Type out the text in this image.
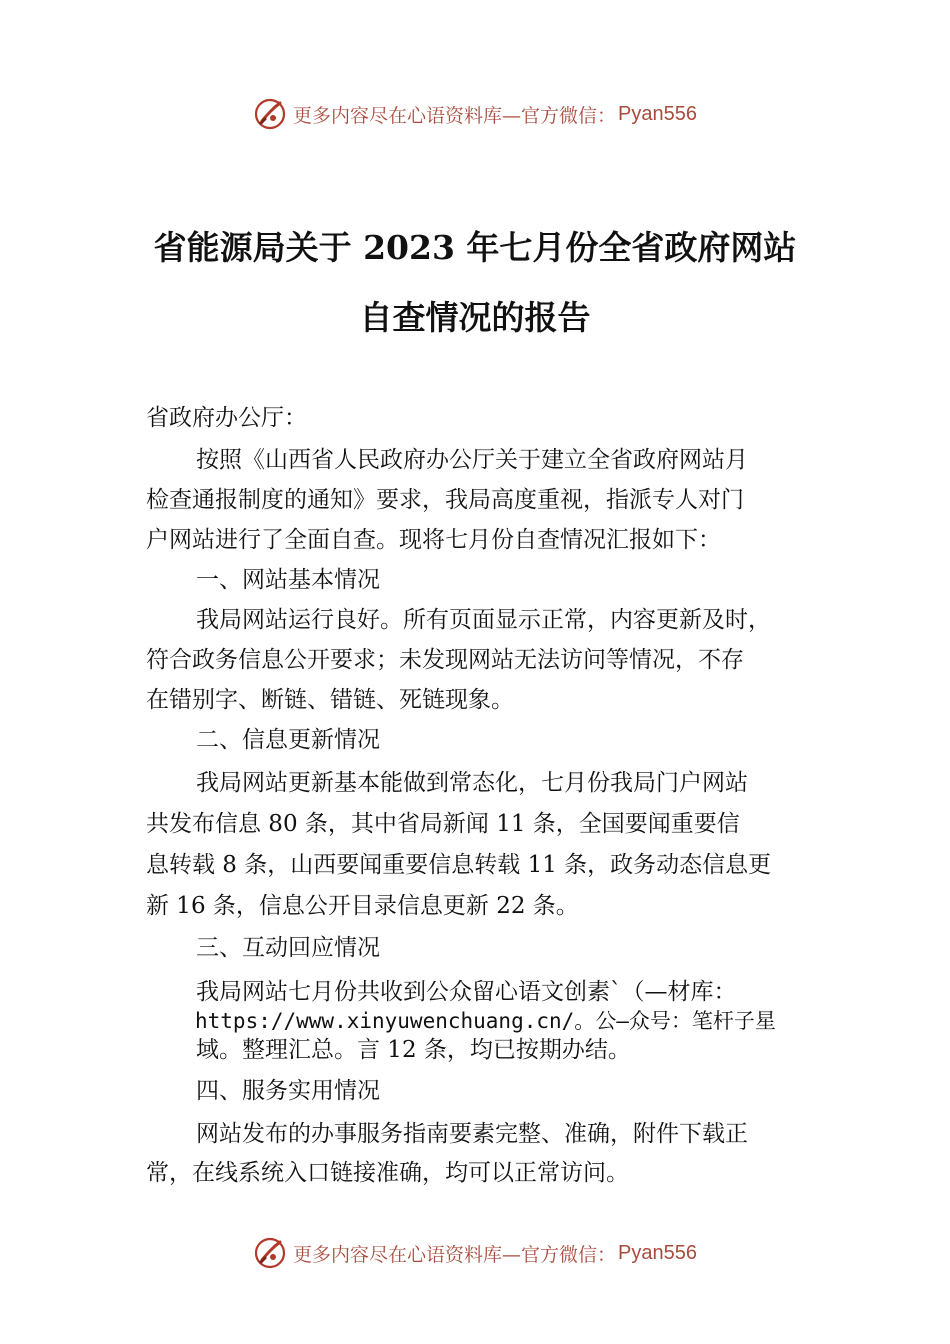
更多内容尽在心语资料库—官方微信： Pyan556
省能源局关于 2023 年七月份全省政府网站
自查情况的报告
省政府办公厅：
按照《山西省人民政府办公厅关于建立全省政府网站月
检查通报制度的通知》要求，我局高度重视，指派专人对门
户网站进行了全面自查。现将七月份自查情况汇报如下：
一、网站基本情况
我局网站运行良好。所有页面显示正常，内容更新及时，
符合政务信息公开要求；未发现网站无法访问等情况，不存
在错别字、断链、错链、死链现象。
二、信息更新情况
我局网站更新基本能做到常态化，七月份我局门户网站
共发布信息 80 条，其中省局新闻 11 条，全国要闻重要信
息转载 8 条，山西要闻重要信息转载 11 条，政务动态信息更
新 16 条，信息公开目录信息更新 22 条。
三、互动回应情况
我局网站七月份共收到公众留心语文创素`（—材库：
https://www.xinyuwenchuang.cn/。公—众号：笔杆子星
域。整理汇总。言 12 条，均已按期办结。
四、服务实用情况
网站发布的办事服务指南要素完整、准确，附件下载正
常，在线系统入口链接准确，均可以正常访问。
更多内容尽在心语资料库—官方微信： Pyan556
